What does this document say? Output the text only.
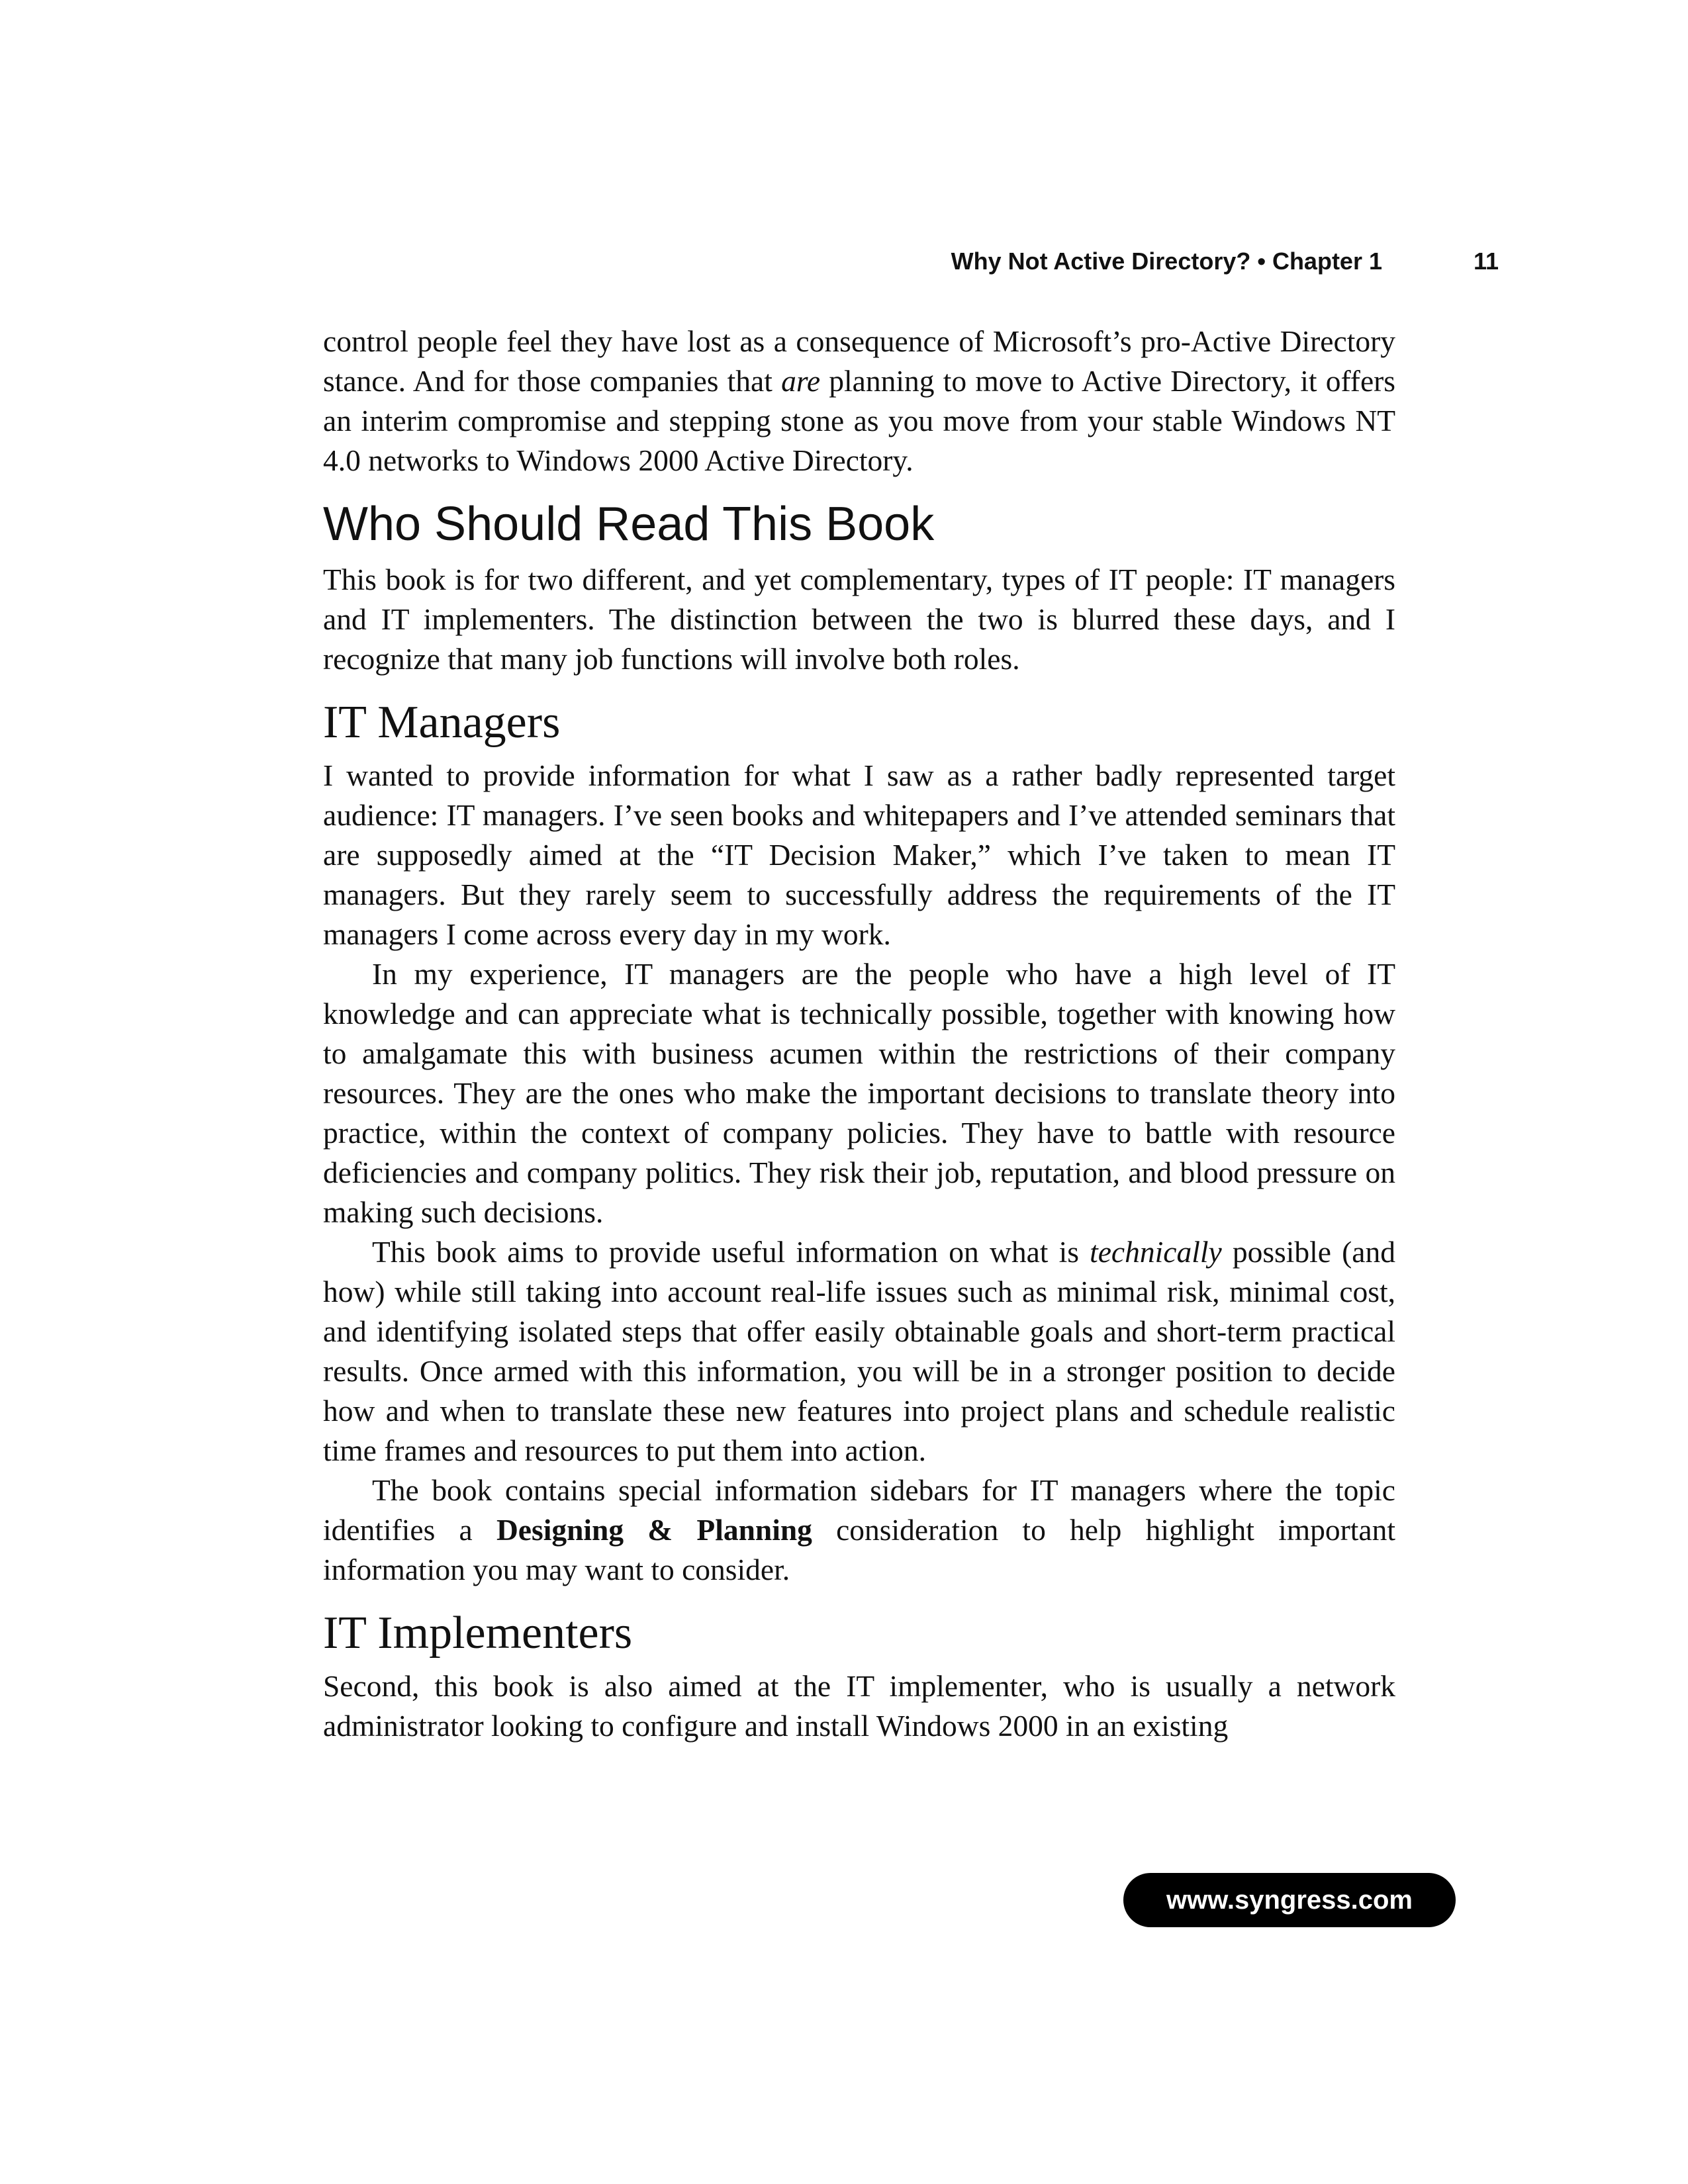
Why Not Active Directory? • Chapter 1	11

control people feel they have lost as a consequence of Microsoft’s pro-Active Directory stance. And for those companies that are planning to move to Active Directory, it offers an interim compromise and stepping stone as you move from your stable Windows NT 4.0 networks to Windows 2000 Active Directory.

Who Should Read This Book

This book is for two different, and yet complementary, types of IT people: IT managers and IT implementers. The distinction between the two is blurred these days, and I recognize that many job functions will involve both roles.

IT Managers

I wanted to provide information for what I saw as a rather badly represented target audience: IT managers. I’ve seen books and whitepapers and I’ve attended seminars that are supposedly aimed at the “IT Decision Maker,” which I’ve taken to mean IT managers. But they rarely seem to successfully address the requirements of the IT managers I come across every day in my work.

In my experience, IT managers are the people who have a high level of IT knowledge and can appreciate what is technically possible, together with knowing how to amalgamate this with business acumen within the restrictions of their company resources. They are the ones who make the important decisions to translate theory into practice, within the context of company policies. They have to battle with resource deficiencies and company politics. They risk their job, reputation, and blood pressure on making such decisions.

This book aims to provide useful information on what is technically possible (and how) while still taking into account real-life issues such as minimal risk, minimal cost, and identifying isolated steps that offer easily obtainable goals and short-term practical results. Once armed with this information, you will be in a stronger position to decide how and when to translate these new features into project plans and schedule realistic time frames and resources to put them into action.

The book contains special information sidebars for IT managers where the topic identifies a Designing & Planning consideration to help highlight important information you may want to consider.

IT Implementers

Second, this book is also aimed at the IT implementer, who is usually a network administrator looking to configure and install Windows 2000 in an existing

www.syngress.com
